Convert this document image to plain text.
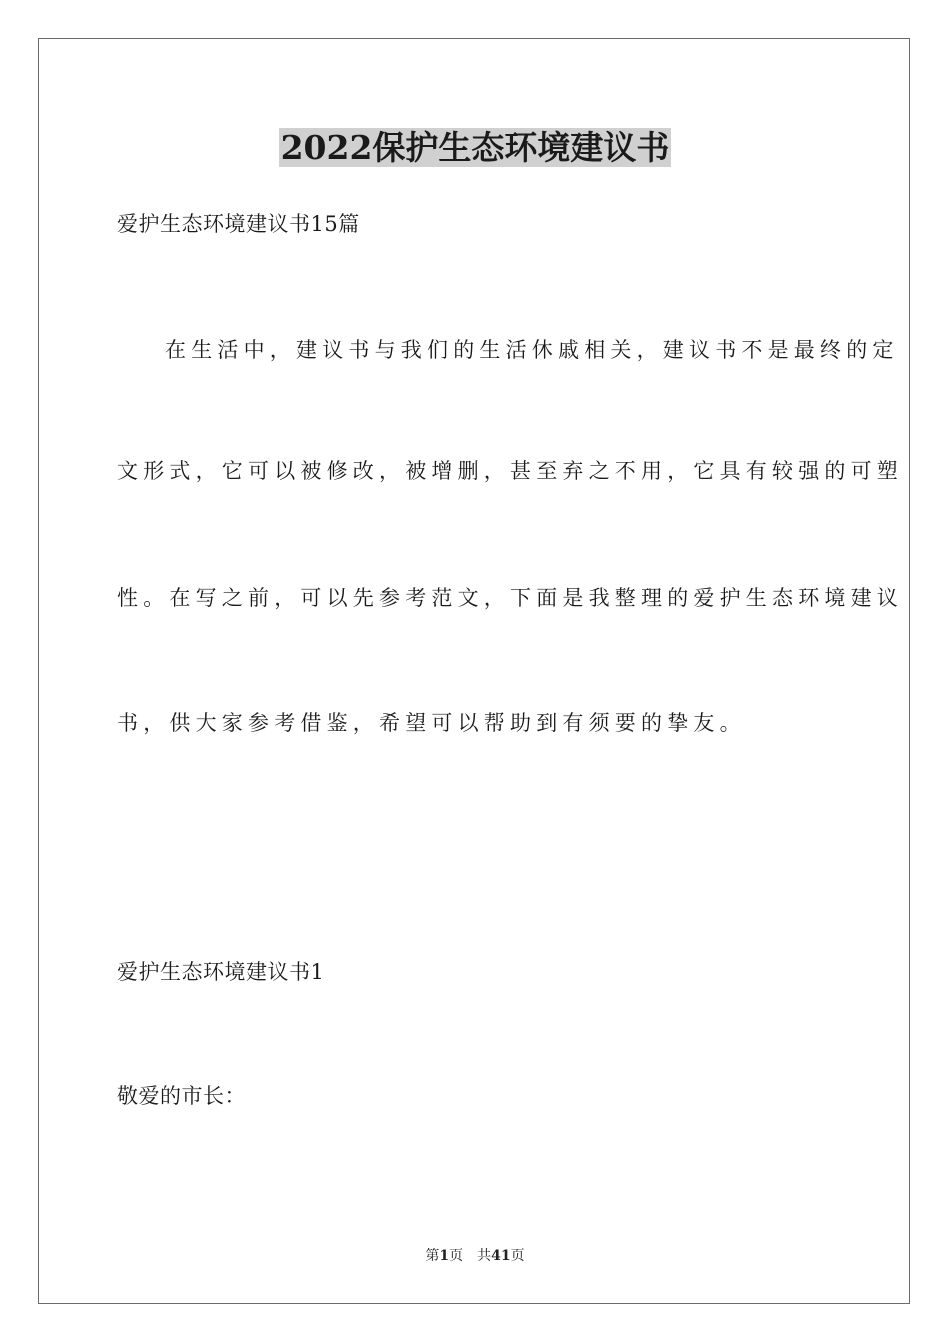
2022保护生态环境建议书
爱护生态环境建议书15篇
在生活中，建议书与我们的生活休戚相关，建议书不是最终的定
文形式，它可以被修改，被增删，甚至弃之不用，它具有较强的可塑
性。在写之前，可以先参考范文，下面是我整理的爱护生态环境建议
书，供大家参考借鉴，希望可以帮助到有须要的挚友。
爱护生态环境建议书1
敬爱的市长：
第1页 共41页
